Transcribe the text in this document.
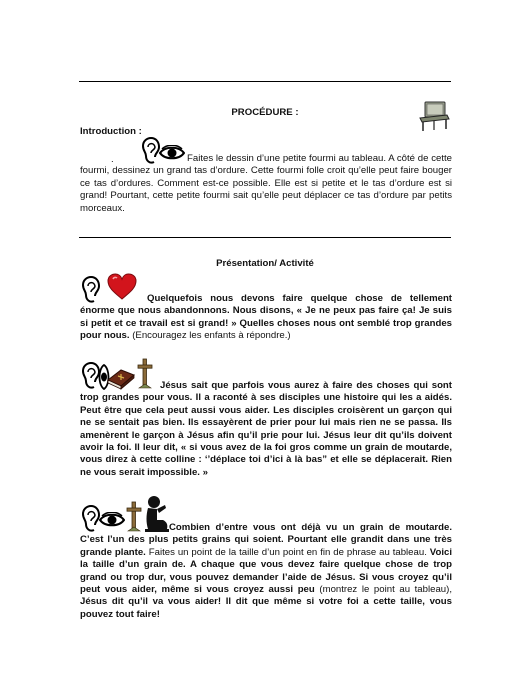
PROCÉDURE :
Introduction :
.	Faites le dessin d’une petite fourmi au tableau. A côté de cette fourmi, dessinez un grand tas d’ordure. Cette fourmi folle croit qu’elle peut faire bouger ce tas d’ordures. Comment est-ce possible. Elle est si petite et le tas d’ordure est si grand! Pourtant, cette petite fourmi sait qu’elle peut déplacer ce tas d’ordure par petits morceaux.
Présentation/ Activité
Quelquefois nous devons faire quelque chose de tellement énorme que nous abandonnons. Nous disons, « Je ne peux pas faire ça! Je suis si petit et ce travail est si grand! » Quelles choses nous ont semblé trop grandes pour nous. (Encouragez les enfants à répondre.)
Jésus sait que parfois vous aurez à faire des choses qui sont trop grandes pour vous. Il a raconté à ses disciples une histoire qui les a aidés. Peut être que cela peut aussi vous aider. Les disciples croisèrent un garçon qui ne se sentait pas bien. Ils essayèrent de prier pour lui mais rien ne se passa. Ils amenèrent le garçon à Jésus afin qu’il prie pour lui. Jésus leur dit qu’ils doivent avoir la foi. Il leur dit, « si vous avez de la foi gros comme un grain de moutarde, vous direz à cette colline : ‘’déplace toi d’ici à là bas” et elle se déplacerait. Rien ne vous serait impossible. »
Combien d’entre vous ont déjà vu un grain de moutarde. C’est l’un des plus petits grains qui soient. Pourtant elle grandit dans une très grande plante. Faites un point de la taille d’un point en fin de phrase au tableau. Voici la taille d’un grain de. A chaque que vous devez faire quelque chose de trop grand ou trop dur, vous pouvez demander l’aide de Jésus. Si vous croyez qu’il peut vous aider, même si vous croyez aussi peu (montrez le point au tableau), Jésus dit qu’il va vous aider! Il dit que même si votre foi a cette taille, vous pouvez tout faire!
